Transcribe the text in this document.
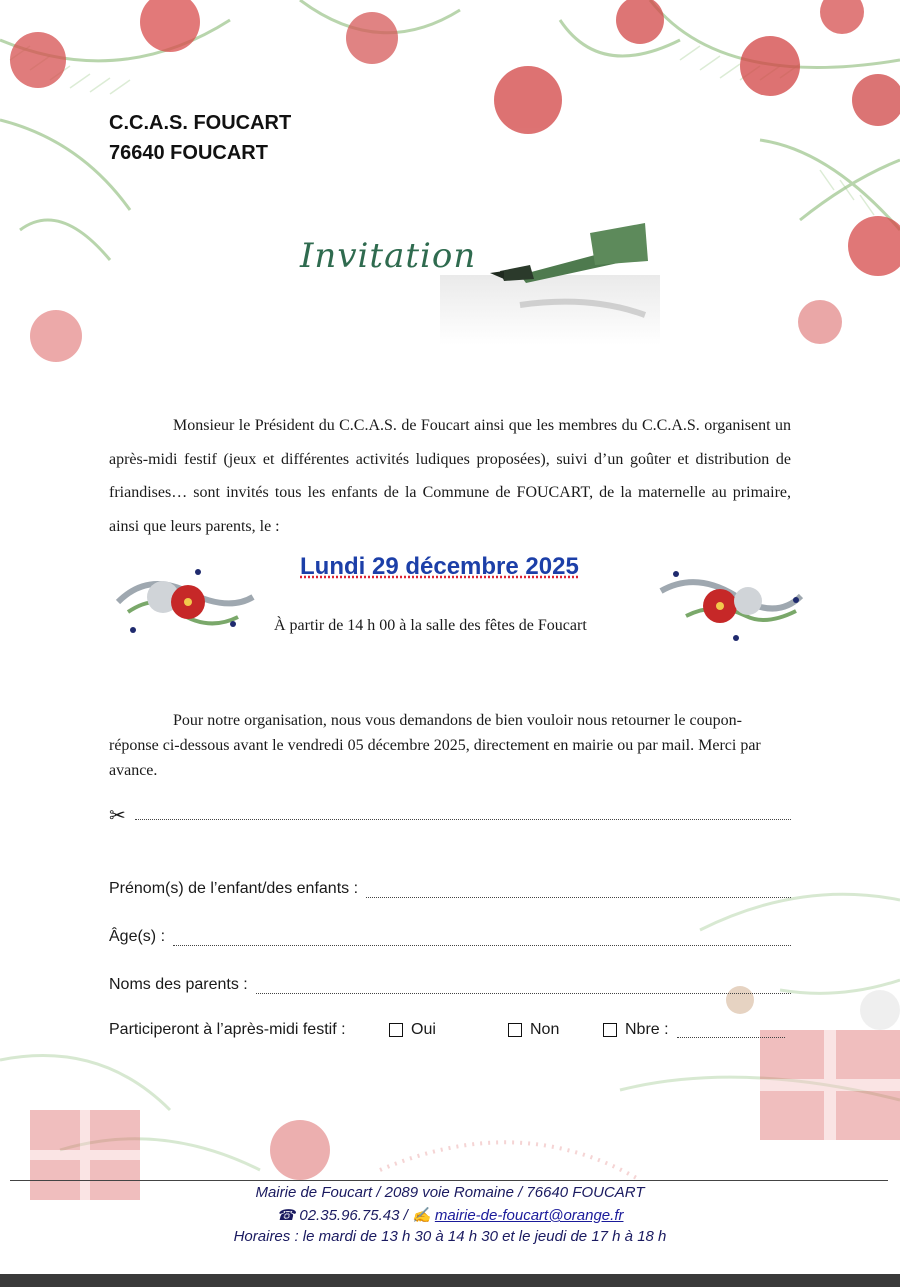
C.C.A.S. FOUCART
76640 FOUCART
Invitation
Monsieur le Président du C.C.A.S. de Foucart ainsi que les membres du C.C.A.S. organisent un après-midi festif (jeux et différentes activités ludiques proposées), suivi d’un goûter et distribution de friandises… sont invités tous les enfants de la Commune de FOUCART, de la maternelle au primaire, ainsi que leurs parents, le :
Lundi 29 décembre 2025
À partir de 14 h 00 à la salle des fêtes de Foucart
Pour notre organisation, nous vous demandons de bien vouloir nous retourner le coupon-réponse ci-dessous avant le vendredi 05 décembre 2025, directement en mairie ou par mail. Merci par avance.
✂
Prénom(s) de l’enfant/des enfants :
Âge(s) :
Noms des parents :
Participeront à l’après-midi festif :	Oui	Non	Nbre :
Mairie de Foucart / 2089 voie Romaine / 76640 FOUCART
☎ 02.35.96.75.43 / ✍ mairie-de-foucart@orange.fr
Horaires : le mardi de 13 h 30 à 14 h 30 et le jeudi de 17 h à 18 h
